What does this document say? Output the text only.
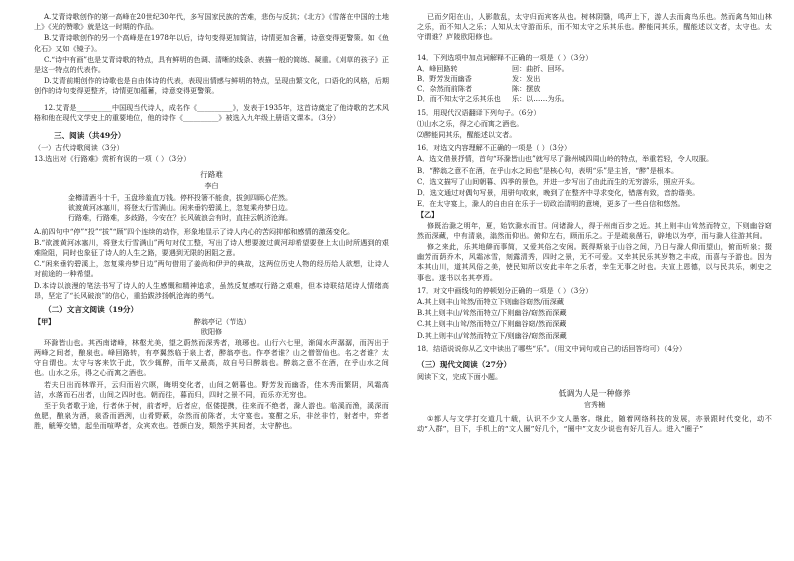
A.艾青诗歌创作的第一高峰在20世纪30年代，多写国家民族的苦难，悲伤与反抗；《北方》《雪落在中国的土地上》《光的赞歌》就是这一时期的作品。

B.艾青诗歌创作的另一个高峰是在1978年以后，诗句变得更加简洁，诗情更加含蓄，诗意变得更警策。如《鱼化石》又如《镜子》。

C.“诗中有画”也是艾青诗歌的特点，具有鲜明的色调、清晰的线条、表描一般的简练、凝重。《刈草的孩子》正是这一特点的代表作。

D.艾青前期创作的诗歌也是自由体诗的代表，表现出情感与鲜明的特点，呈现由繁文化，口语化的风格，后期创作的诗句变得更整齐，诗情更加蕴蓄，诗意变得更警策。

12.艾青是__________中国现当代诗人，成名作《__________》，发表于1935年，这首诗奠定了他诗歌的艺术风格和他在现代文学史上的重要地位，他的诗作《__________》被选入九年级上册语文课本。（3分）

三、阅读（共49分）

（一）古代诗歌阅读（3分）

13.选出对《行路难》赏析有误的一项（ ）（3分）

行路难
李白

金樽清酒斗十千，玉盘珍羞直万钱。停杯投箸不能食，拔剑四顾心茫然。

欲渡黄河冰塞川，将登太行雪满山。闲来垂钓碧溪上，忽复乘舟梦日边。

行路难，行路难，多歧路，今安在？长风破浪会有时，直挂云帆济沧海。

A.前四句中“停”“投”“拔”“顾”四个连续的动作，形象地显示了诗人内心的苦闷抑郁和感情的激荡变化。

B.“欲渡黄河冰塞川，将登太行雪满山”两句对仗工整，写出了诗人想要渡过黄河却希望要登上太山时所遇到的艰难险阻，同时也象征了诗人的人生之路，要遇到无限的困阻之意。

C.“闲来垂钓碧溪上，忽复乘舟梦日边”两句借用了姜尚和伊尹的典故，这两位历史人物的经历给人欲想，让诗人对前途的一种希望。

D.本诗以浪漫的笔法书写了诗人的人生感慨和精神追求，虽然反复感叹行路之艰难，但本诗联结尾诗人情绪高昂，坚定了“长风破浪”的信心，重拾跋涉扬帆沧海的勇气。

（二）文言文阅读（19分）
【甲】	醉翁亭记（节选）
欧阳修

环滁皆山也。其西南诸峰，林壑尤美，望之蔚然而深秀者，琅琊也。山行六七里，渐闻水声潺潺，而泻出于两峰之间者，酿泉也。峰回路转，有亭翼然临于泉上者，醉翁亭也。作亭者谁？山之僧智仙也。名之者谁？太守自谓也。太守与客来饮于此，饮少辄醉，而年又最高，故自号曰醉翁也。醉翁之意不在酒，在乎山水之间也。山水之乐，得之心而寓之酒也。

若夫日出而林霏开，云归而岩穴暝，晦明变化者，山间之朝暮也。野芳发而幽香，佳木秀而繁阴，风霜高洁，水落而石出者，山间之四时也。朝而往，暮而归，四时之景不同，而乐亦无穷也。

至于负者歌于途，行者休于树，前者呼，后者应，伛偻提携，往来而不绝者，滁人游也。临溪而渔，溪深而鱼肥，酿泉为酒，泉香而酒洌，山肴野蔌，杂然而前陈者，太守宴也。宴酣之乐，非丝非竹，射者中，弈者胜，觥筹交错，起坐而喧哗者，众宾欢也。苍颜白发，颓然乎其间者，太守醉也。

已而夕阳在山，人影散乱，太守归而宾客从也。树林阴翳，鸣声上下，游人去而禽鸟乐也。然而禽鸟知山林之乐，而不知人之乐；人知从太守游而乐，而不知太守之乐其乐也。醉能同其乐，醒能述以文者，太守也。太守谓谁？庐陵欧阳修也。

14．下列选项中加点词解释不正确的一项是（ ）（3分）

A．峰回路转	回：曲折、回环。
B．野芳发而幽香	发：发出
C．杂然而前陈者	陈：摆放
D．而不知太守之乐其乐也	乐：以……为乐。

15．用现代汉语翻译下列句子。（6分）

⑴山水之乐，得之心而寓之酒也。

⑵醉能同其乐，醒能述以文者。

16．对选文内容理解不正确的一项是（ ）（3分）

A．选文借景抒情，首句“环滁皆山也”就写尽了滁州城四周山岭的特点，举重若轻，令人叹服。

B．“醉翁之意不在酒，在乎山水之间也”是核心句，表明“乐”是主旨，“醉”是根本。

C．选文描写了山间朝暮、四季的景色，并进一步写出了由此而生的无穷游乐，照应开头。

D．选文通过对偶句写景，用骈句收束，晚到了在整齐中寻求变化，错落有致，音韵谐美。

E．在太守宴上，滁人的自由自在乐于一切政治清明的意境，更多了一些自信和悠然。

【乙】

修既治滁之明年，夏，始饮滁水而甘。问诸滁人，得于州南百步之近。其上则丰山耸然而特立，下则幽谷窈然而深藏，中有清泉，滃然而仰出。俯仰左右，顾而乐之。于是疏泉凿石，辟地以为亭，而与滁人往游其间。

修之来此，乐其地僻而事简，又爱其俗之安闲。既得斯泉于山谷之间，乃日与滁人仰而望山，俯而听泉；掇幽芳而荫乔木，风霜冰雪，刻露清秀，四时之景，无不可爱。又幸其民乐其岁物之丰成，而喜与予游也。因为本其山川，道其风俗之美，使民知所以安此丰年之乐者，幸生无事之时也。夫宣上恩德，以与民共乐，刺史之事也。遂书以名其亭焉。

17．对文中画线句的停顿划分正确的一项是（ ）（3分）

A.其上则丰山耸然/而特立下则幽谷窈然/而深藏

B.其上则丰山/耸然而特立/下则幽谷/窈然而深藏

C.其上则丰山耸/然而特立/下则幽谷窈/然而深藏

D.其上则丰山/耸然而特立下/则幽谷/窈然而深藏

18．结语说说你从乙文中读出了哪些“乐”。（用文中词句或自己的话回答均可）（4分）

（三）现代文阅读（27分）

阅读下文，完成下面小题。

低调为人是一种修养
官秀楠

①都人与文学打交道几十载，认识不少文人墨客。继此，随着网络科技的发展，亦景跟时代变化，动不动“入群”，目下，手机上的“文人圈”好几个，“圈中”文友少说也有好几百人。进入“圈子”
